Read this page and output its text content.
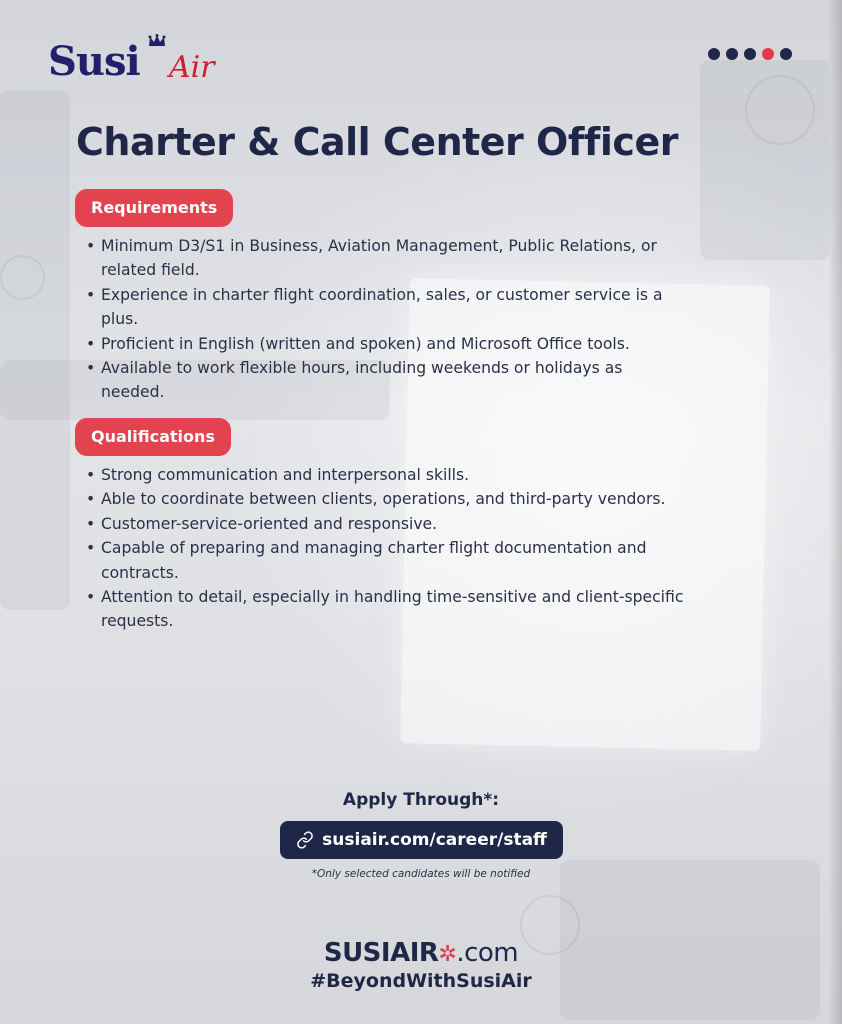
Susi Air
Charter & Call Center Officer
Requirements
• Minimum D3/S1 in Business, Aviation Management, Public Relations, or related field.
• Experience in charter flight coordination, sales, or customer service is a plus.
• Proficient in English (written and spoken) and Microsoft Office tools.
• Available to work flexible hours, including weekends or holidays as needed.
Qualifications
• Strong communication and interpersonal skills.
• Able to coordinate between clients, operations, and third-party vendors.
• Customer-service-oriented and responsive.
• Capable of preparing and managing charter flight documentation and contracts.
• Attention to detail, especially in handling time-sensitive and client-specific requests.
Apply Through*:
susiair.com/career/staff
*Only selected candidates will be notified
SUSIAIR✲.com
#BeyondWithSusiAir
